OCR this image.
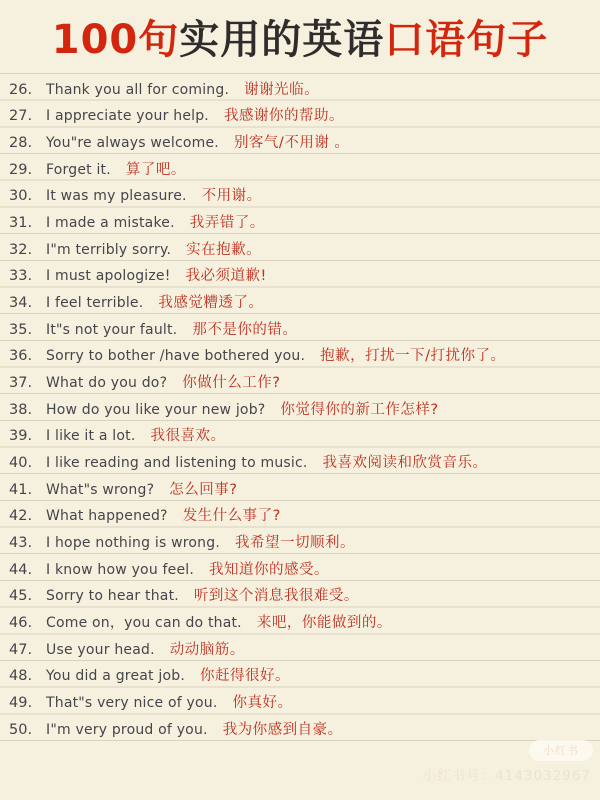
100句实用的英语口语句子
26. Thank you all for coming. 谢谢光临。
27. I appreciate your help. 我感谢你的帮助。
28. You"re always welcome. 别客气/不用谢 。
29. Forget it. 算了吧。
30. It was my pleasure. 不用谢。
31. I made a mistake. 我弄错了。
32. I"m terribly sorry. 实在抱歉。
33. I must apologize! 我必须道歉!
34. I feel terrible. 我感觉糟透了。
35. It"s not your fault. 那不是你的错。
36. Sorry to bother /have bothered you. 抱歉，打扰一下/打扰你了。
37. What do you do? 你做什么工作?
38. How do you like your new job? 你觉得你的新工作怎样?
39. I like it a lot. 我很喜欢。
40. I like reading and listening to music. 我喜欢阅读和欣赏音乐。
41. What"s wrong? 怎么回事?
42. What happened? 发生什么事了?
43. I hope nothing is wrong. 我希望一切顺利。
44. I know how you feel. 我知道你的感受。
45. Sorry to hear that. 听到这个消息我很难受。
46. Come on，you can do that. 来吧，你能做到的。
47. Use your head. 动动脑筋。
48. You did a great job. 你赶得很好。
49. That"s very nice of you. 你真好。
50. I"m very proud of you. 我为你感到自豪。
小红书
小红书号：4143032967
